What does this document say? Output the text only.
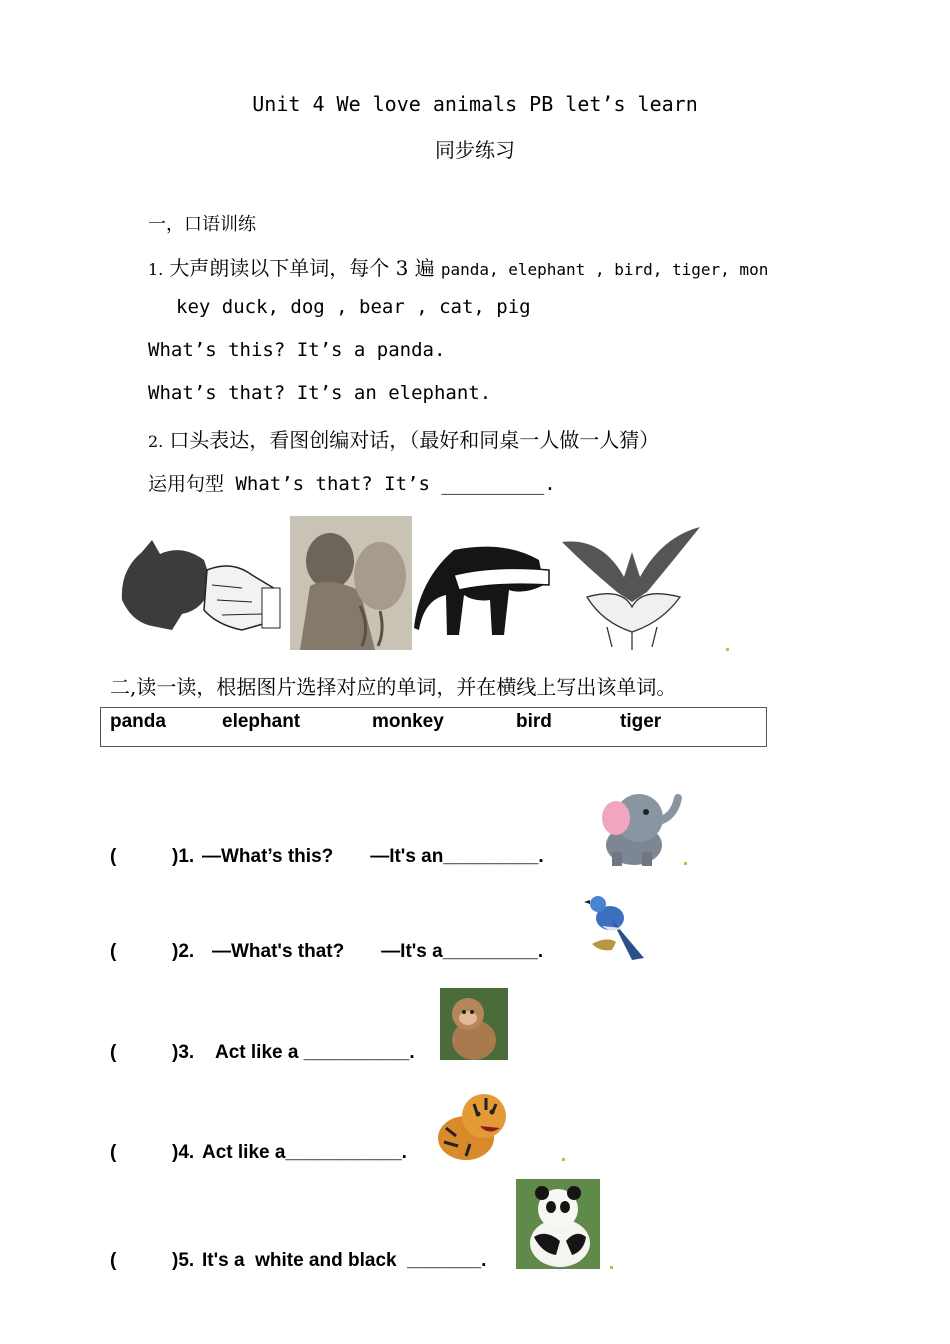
Unit 4 We love animals PB let’s learn
同步练习
一，口语训练
1. 大声朗读以下单词，每个 3 遍 panda, elephant , bird, tiger, mon
key duck, dog , bear , cat, pig
What’s this? It’s a panda.
What’s that? It’s an elephant.
2. 口头表达，看图创编对话，（最好和同桌一人做一人猜）
运用句型 What’s that? It’s _________.
二,读一读，根据图片选择对应的单词，并在横线上写出该单词。
panda	elephant	monkey	bird	tiger
(	)1. —What’s this?       —It's an_________.
(	)2. —What's that?       —It's a_________.
(	)3. Act like a __________.
(	)4. Act like a___________.
(	)5. It's a  white and black  _______.
